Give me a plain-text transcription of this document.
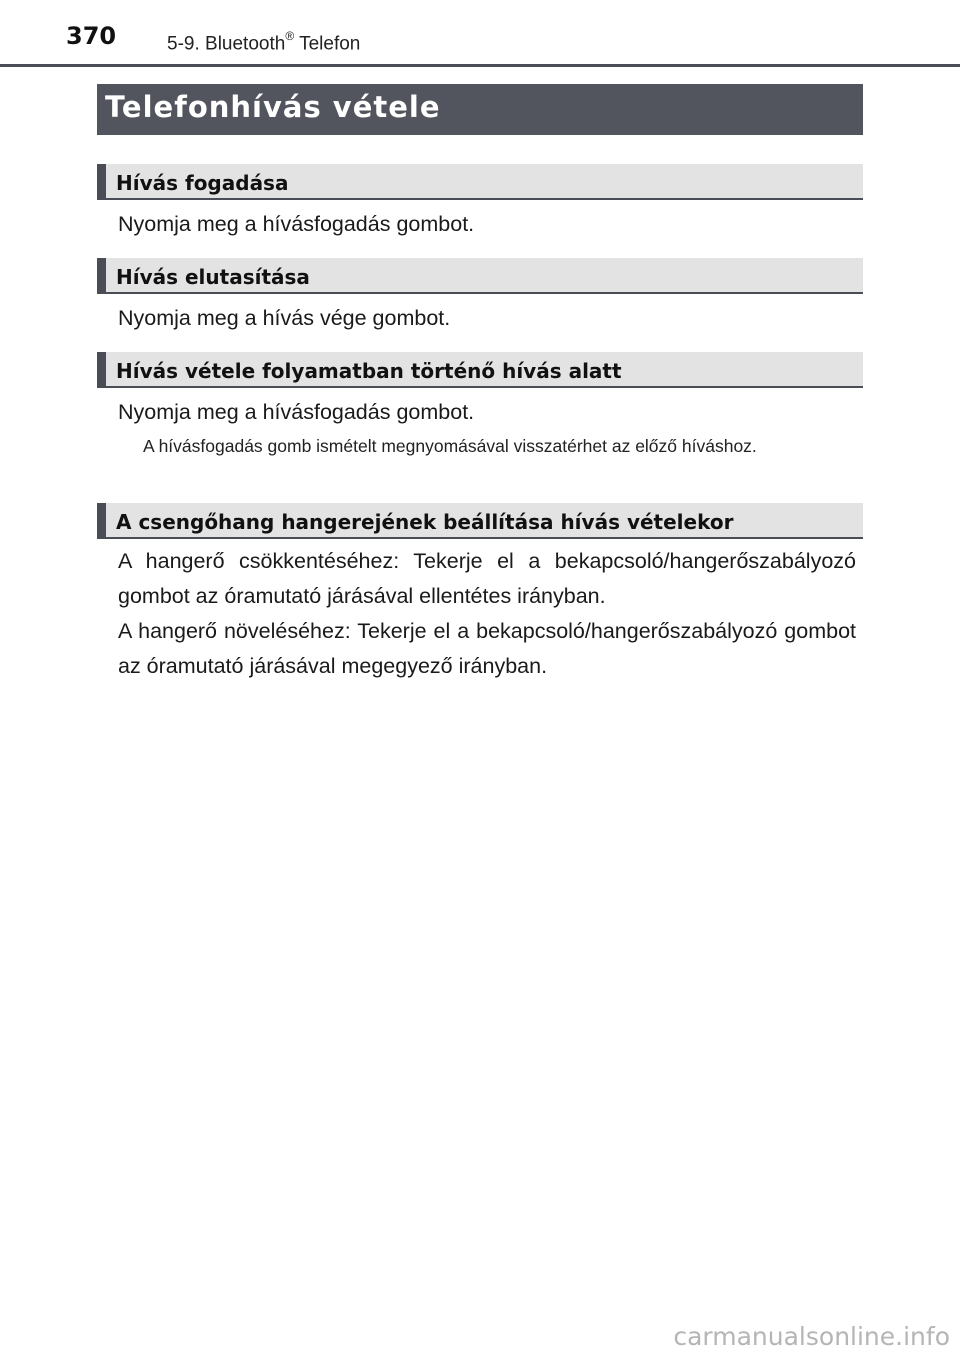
370	5-9. Bluetooth® Telefon
Telefonhívás vétele
Hívás fogadása
Nyomja meg a hívásfogadás gombot.
Hívás elutasítása
Nyomja meg a hívás vége gombot.
Hívás vétele folyamatban történő hívás alatt
Nyomja meg a hívásfogadás gombot.
A hívásfogadás gomb ismételt megnyomásával visszatérhet az előző híváshoz.
A csengőhang hangerejének beállítása hívás vételekor
A hangerő csökkentéséhez: Tekerje el a bekapcsoló/hangerőszabályozó gombot az óramutató járásával ellentétes irányban.
A hangerő növeléséhez: Tekerje el a bekapcsoló/hangerőszabályozó gombot az óramutató járásával megegyező irányban.
carmanualsonline.info
